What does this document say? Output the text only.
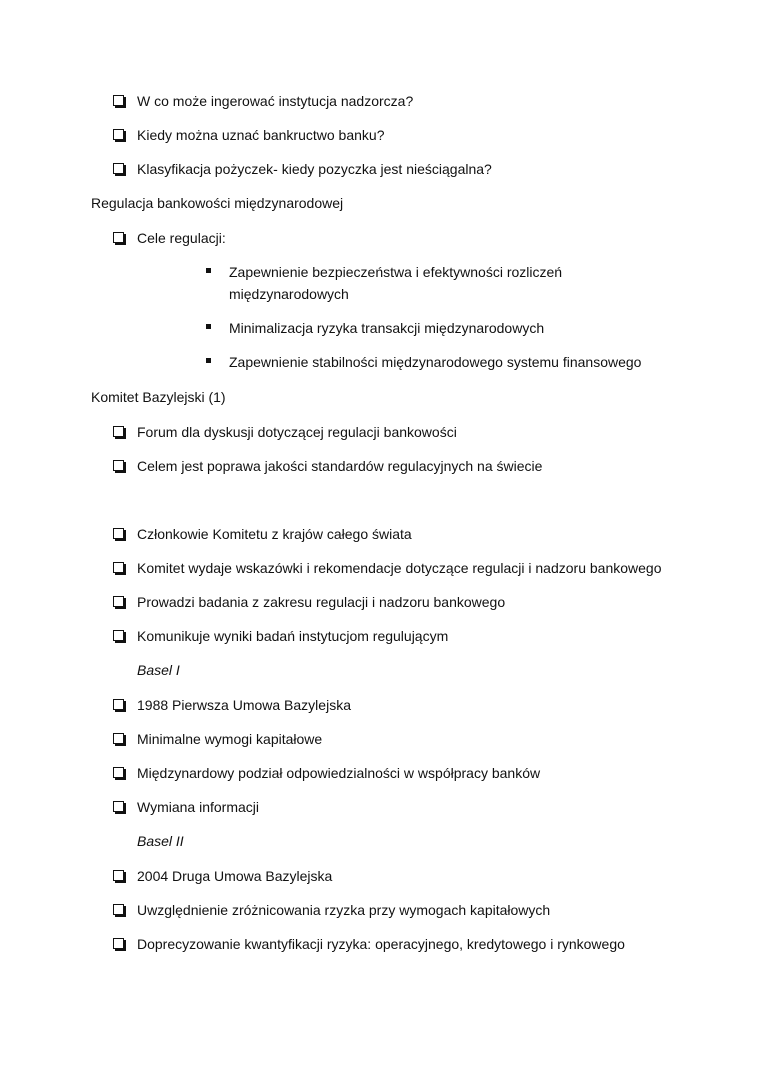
W co może ingerować instytucja nadzorcza?
Kiedy można uznać bankructwo banku?
Klasyfikacja pożyczek- kiedy pozyczka jest nieściągalna?
Regulacja bankowości międzynarodowej
Cele regulacji:
Zapewnienie bezpieczeństwa i efektywności rozliczeń
międzynarodowych
Minimalizacja ryzyka transakcji międzynarodowych
Zapewnienie stabilności międzynarodowego systemu finansowego
Komitet Bazylejski (1)
Forum dla dyskusji dotyczącej regulacji bankowości
Celem jest poprawa jakości standardów regulacyjnych na świecie
Członkowie Komitetu z krajów całego świata
Komitet wydaje wskazówki i rekomendacje dotyczące regulacji i nadzoru bankowego
Prowadzi badania z zakresu regulacji i nadzoru bankowego
Komunikuje wyniki badań instytucjom regulującym
Basel I
1988 Pierwsza Umowa Bazylejska
Minimalne wymogi kapitałowe
Międzynardowy podział odpowiedzialności w współpracy banków
Wymiana informacji
Basel II
2004 Druga Umowa Bazylejska
Uwzględnienie zróżnicowania rzyzka przy wymogach kapitałowych
Doprecyzowanie kwantyfikacji ryzyka: operacyjnego, kredytowego i rynkowego
